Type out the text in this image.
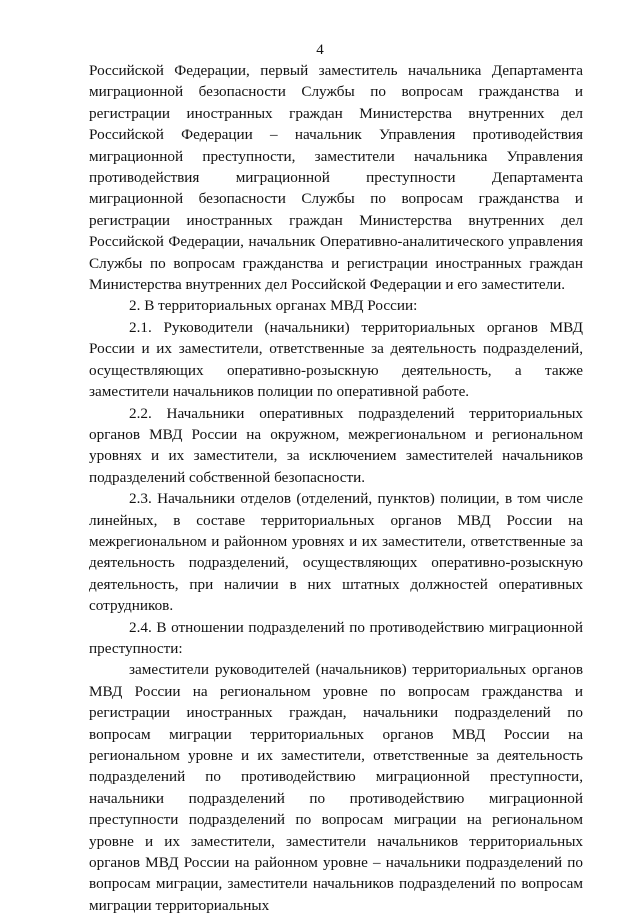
4

Российской Федерации, первый заместитель начальника Департамента миграционной безопасности Службы по вопросам гражданства и регистрации иностранных граждан Министерства внутренних дел Российской Федерации – начальник Управления противодействия миграционной преступности, заместители начальника Управления противодействия миграционной преступности Департамента миграционной безопасности Службы по вопросам гражданства и регистрации иностранных граждан Министерства внутренних дел Российской Федерации, начальник Оперативно-аналитического управления Службы по вопросам гражданства и регистрации иностранных граждан Министерства внутренних дел Российской Федерации и его заместители.

2. В территориальных органах МВД России:

2.1. Руководители (начальники) территориальных органов МВД России и их заместители, ответственные за деятельность подразделений, осуществляющих оперативно-розыскную деятельность, а также заместители начальников полиции по оперативной работе.

2.2. Начальники оперативных подразделений территориальных органов МВД России на окружном, межрегиональном и региональном уровнях и их заместители, за исключением заместителей начальников подразделений собственной безопасности.

2.3. Начальники отделов (отделений, пунктов) полиции, в том числе линейных, в составе территориальных органов МВД России на межрегиональном и районном уровнях и их заместители, ответственные за деятельность подразделений, осуществляющих оперативно-розыскную деятельность, при наличии в них штатных должностей оперативных сотрудников.

2.4. В отношении подразделений по противодействию миграционной преступности:

заместители руководителей (начальников) территориальных органов МВД России на региональном уровне по вопросам гражданства и регистрации иностранных граждан, начальники подразделений по вопросам миграции территориальных органов МВД России на региональном уровне и их заместители, ответственные за деятельность подразделений по противодействию миграционной преступности, начальники подразделений по противодействию миграционной преступности подразделений по вопросам миграции на региональном уровне и их заместители, заместители начальников территориальных органов МВД России на районном уровне – начальники подразделений по вопросам миграции, заместители начальников подразделений по вопросам миграции территориальных
